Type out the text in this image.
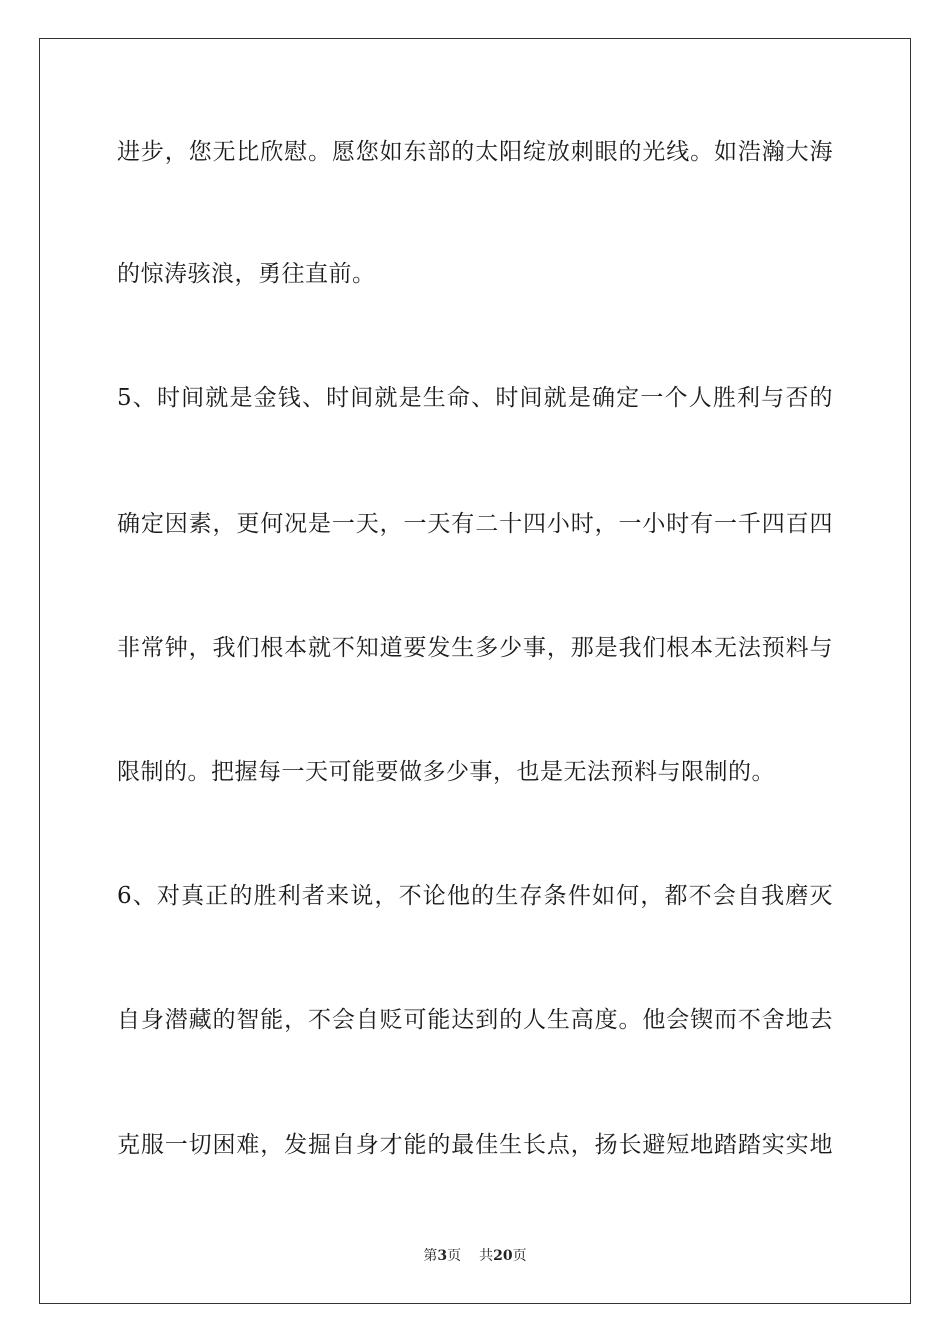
进步，您无比欣慰。愿您如东部的太阳绽放刺眼的光线。如浩瀚大海
的惊涛骇浪，勇往直前。
5、时间就是金钱、时间就是生命、时间就是确定一个人胜利与否的
确定因素，更何况是一天，一天有二十四小时，一小时有一千四百四
非常钟，我们根本就不知道要发生多少事，那是我们根本无法预料与
限制的。把握每一天可能要做多少事，也是无法预料与限制的。
6、对真正的胜利者来说，不论他的生存条件如何，都不会自我磨灭
自身潜藏的智能，不会自贬可能达到的人生高度。他会锲而不舍地去
克服一切困难，发掘自身才能的最佳生长点，扬长避短地踏踏实实地
第3页 共20页
